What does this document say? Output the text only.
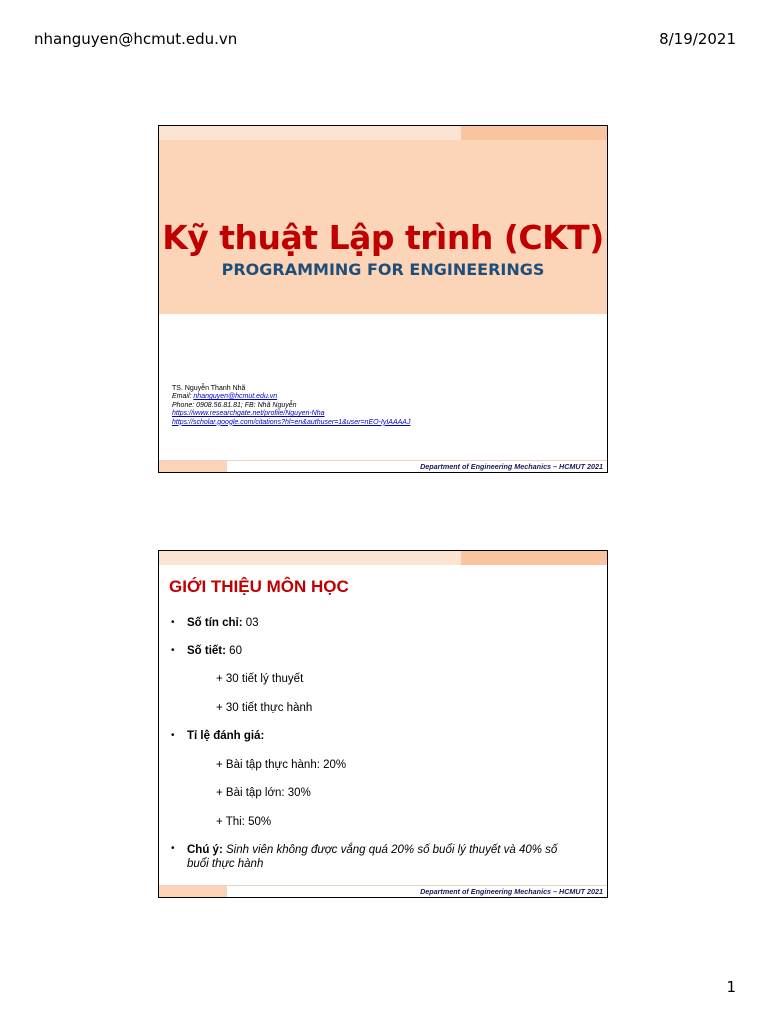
nhanguyen@hcmut.edu.vn	8/19/2021
Kỹ thuật Lập trình (CKT)
PROGRAMMING FOR ENGINEERINGS
TS. Nguyễn Thanh Nhã
Email: nhanguyen@hcmut.edu.vn
Phone: 0908.56.81.81; FB: Nhã Nguyễn
https://www.researchgate.net/profile/Nguyen-Nha
https://scholar.google.com/citations?hl=en&authuser=1&user=nEO-IyIAAAAJ
Department of Engineering Mechanics – HCMUT 2021
GIỚI THIỆU MÔN HỌC
• Số tín chỉ: 03
• Số tiết: 60
+ 30 tiết lý thuyết
+ 30 tiết thực hành
• Tỉ lệ đánh giá:
+ Bài tập thực hành: 20%
+ Bài tập lớn: 30%
+ Thi: 50%
• Chú ý: Sinh viên không được vắng quá 20% số buổi lý thuyết và 40% số buổi thực hành
Department of Engineering Mechanics – HCMUT 2021
1
